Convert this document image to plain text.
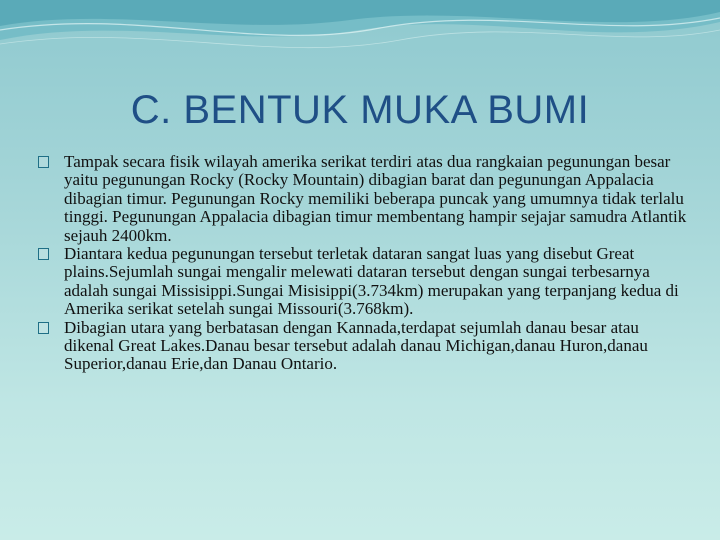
C. BENTUK MUKA BUMI
Tampak secara fisik wilayah amerika serikat terdiri atas dua rangkaian pegunungan besar yaitu pegunungan Rocky (Rocky Mountain) dibagian barat dan pegunungan Appalacia dibagian timur. Pegunungan Rocky memiliki beberapa puncak yang umumnya tidak terlalu tinggi. Pegunungan Appalacia dibagian timur membentang hampir sejajar samudra Atlantik sejauh 2400km.
Diantara kedua pegunungan tersebut terletak dataran sangat luas yang disebut Great plains.Sejumlah sungai mengalir melewati dataran tersebut dengan sungai terbesarnya adalah sungai Missisippi.Sungai Misisippi(3.734km) merupakan yang terpanjang kedua di Amerika serikat setelah sungai Missouri(3.768km).
Dibagian utara yang berbatasan dengan Kannada,terdapat sejumlah danau besar atau dikenal Great Lakes.Danau besar tersebut adalah danau Michigan,danau Huron,danau Superior,danau Erie,dan Danau Ontario.
